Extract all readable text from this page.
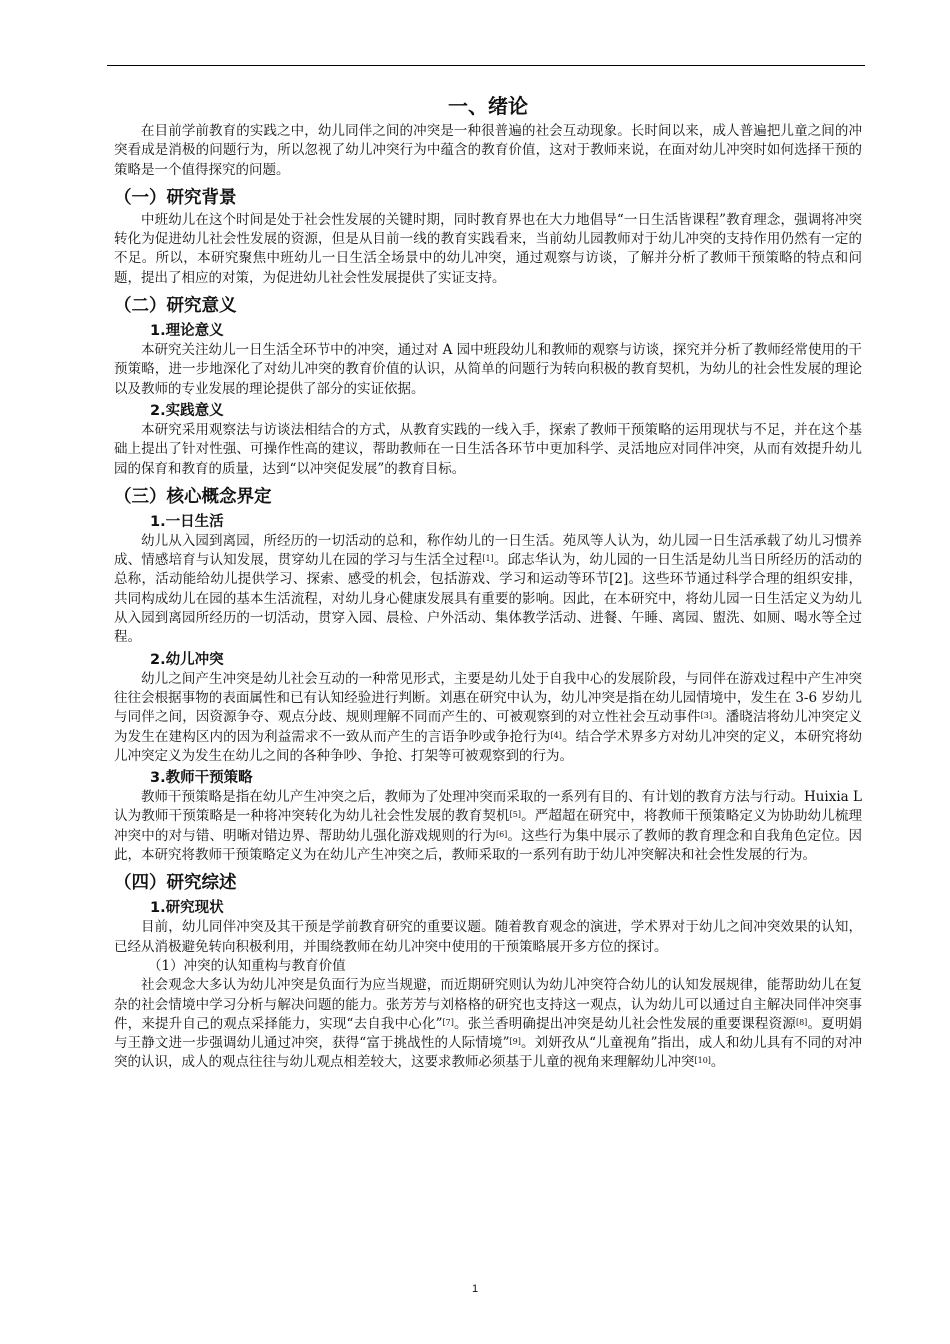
一、绪论

在目前学前教育的实践之中，幼儿同伴之间的冲突是一种很普遍的社会互动现象。长时间以来，成人普遍把儿童之间的冲突看成是消极的问题行为，所以忽视了幼儿冲突行为中蕴含的教育价值，这对于教师来说，在面对幼儿冲突时如何选择干预的策略是一个值得探究的问题。

（一）研究背景

中班幼儿在这个时间是处于社会性发展的关键时期，同时教育界也在大力地倡导“一日生活皆课程”教育理念，强调将冲突转化为促进幼儿社会性发展的资源，但是从目前一线的教育实践看来，当前幼儿园教师对于幼儿冲突的支持作用仍然有一定的不足。所以，本研究聚焦中班幼儿一日生活全场景中的幼儿冲突，通过观察与访谈，了解并分析了教师干预策略的特点和问题，提出了相应的对策，为促进幼儿社会性发展提供了实证支持。

（二）研究意义
1.理论意义

本研究关注幼儿一日生活全环节中的冲突，通过对 A 园中班段幼儿和教师的观察与访谈，探究并分析了教师经常使用的干预策略，进一步地深化了对幼儿冲突的教育价值的认识，从简单的问题行为转向积极的教育契机，为幼儿的社会性发展的理论以及教师的专业发展的理论提供了部分的实证依据。

2.实践意义

本研究采用观察法与访谈法相结合的方式，从教育实践的一线入手，探索了教师干预策略的运用现状与不足，并在这个基础上提出了针对性强、可操作性高的建议，帮助教师在一日生活各环节中更加科学、灵活地应对同伴冲突，从而有效提升幼儿园的保育和教育的质量，达到“以冲突促发展”的教育目标。

（三）核心概念界定
1.一日生活

幼儿从入园到离园，所经历的一切活动的总和，称作幼儿的一日生活。苑凤等人认为，幼儿园一日生活承载了幼儿习惯养成、情感培育与认知发展，贯穿幼儿在园的学习与生活全过程[1]。邱志华认为，幼儿园的一日生活是幼儿当日所经历的活动的总称，活动能给幼儿提供学习、探索、感受的机会，包括游戏、学习和运动等环节[2]。这些环节通过科学合理的组织安排，共同构成幼儿在园的基本生活流程，对幼儿身心健康发展具有重要的影响。因此，在本研究中，将幼儿园一日生活定义为幼儿从入园到离园所经历的一切活动，贯穿入园、晨检、户外活动、集体教学活动、进餐、午睡、离园、盥洗、如厕、喝水等全过程。

2.幼儿冲突

幼儿之间产生冲突是幼儿社会互动的一种常见形式，主要是幼儿处于自我中心的发展阶段，与同伴在游戏过程中产生冲突往往会根据事物的表面属性和已有认知经验进行判断。刘惠在研究中认为，幼儿冲突是指在幼儿园情境中，发生在 3-6 岁幼儿与同伴之间，因资源争夺、观点分歧、规则理解不同而产生的、可被观察到的对立性社会互动事件[3]。潘晓洁将幼儿冲突定义为发生在建构区内的因为利益需求不一致从而产生的言语争吵或争抢行为[4]。结合学术界多方对幼儿冲突的定义，本研究将幼儿冲突定义为发生在幼儿之间的各种争吵、争抢、打架等可被观察到的行为。

3.教师干预策略

教师干预策略是指在幼儿产生冲突之后，教师为了处理冲突而采取的一系列有目的、有计划的教育方法与行动。Huixia L 认为教师干预策略是一种将冲突转化为幼儿社会性发展的教育契机[5]。严超超在研究中，将教师干预策略定义为协助幼儿梳理冲突中的对与错、明晰对错边界、帮助幼儿强化游戏规则的行为[6]。这些行为集中展示了教师的教育理念和自我角色定位。因此，本研究将教师干预策略定义为在幼儿产生冲突之后，教师采取的一系列有助于幼儿冲突解决和社会性发展的行为。

（四）研究综述
1.研究现状

目前，幼儿同伴冲突及其干预是学前教育研究的重要议题。随着教育观念的演进，学术界对于幼儿之间冲突效果的认知，已经从消极避免转向积极利用，并围绕教师在幼儿冲突中使用的干预策略展开多方位的探讨。

（1）冲突的认知重构与教育价值

社会观念大多认为幼儿冲突是负面行为应当规避，而近期研究则认为幼儿冲突符合幼儿的认知发展规律，能帮助幼儿在复杂的社会情境中学习分析与解决问题的能力。张芳芳与刘格格的研究也支持这一观点，认为幼儿可以通过自主解决同伴冲突事件，来提升自己的观点采择能力，实现“去自我中心化”[7]。张兰香明确提出冲突是幼儿社会性发展的重要课程资源[8]。夏明娟与王静文进一步强调幼儿通过冲突，获得“富于挑战性的人际情境”[9]。刘妍孜从“儿童视角”指出，成人和幼儿具有不同的对冲突的认识，成人的观点往往与幼儿观点相差较大，这要求教师必须基于儿童的视角来理解幼儿冲突[10]。

1
